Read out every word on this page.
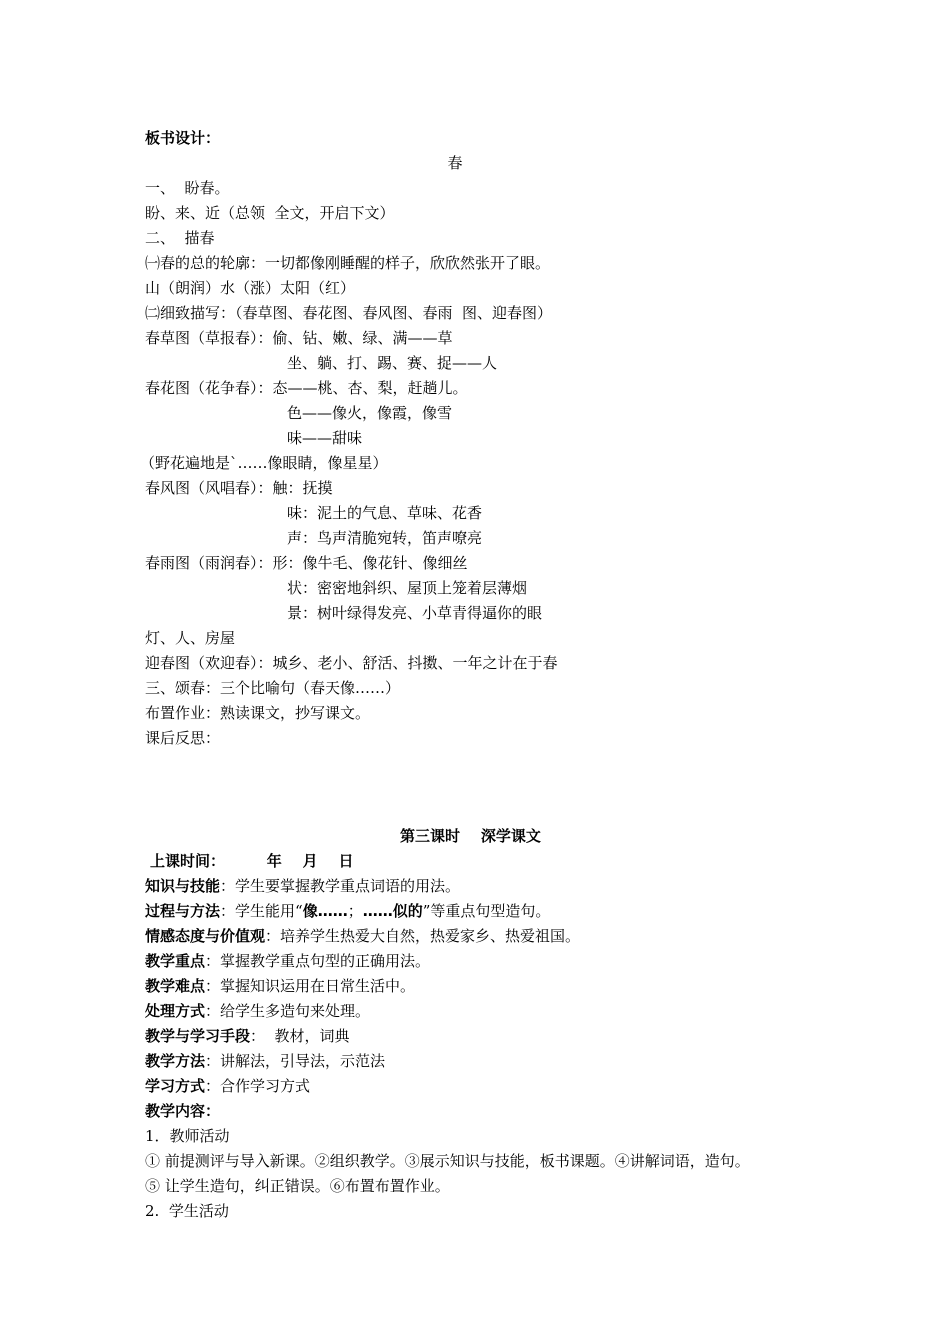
板书设计：
春
一、  盼春。
盼、来、近（总领  全文，开启下文）
二、  描春
㈠春的总的轮廓：一切都像刚睡醒的样子，欣欣然张开了眼。
山（朗润）水（涨）太阳（红）
㈡细致描写：（春草图、春花图、春风图、春雨  图、迎春图）
春草图（草报春）：偷、钻、嫩、绿、满——草
坐、躺、打、踢、赛、捉——人
春花图（花争春）：态——桃、杏、梨，赶趟儿。
色——像火，像霞，像雪
味——甜味
（野花遍地是`……像眼睛，像星星）
春风图（风唱春）：触：抚摸
味：泥土的气息、草味、花香
声：鸟声清脆宛转，笛声嘹亮
春雨图（雨润春）：形：像牛毛、像花针、像细丝
状：密密地斜织、屋顶上笼着层薄烟
景：树叶绿得发亮、小草青得逼你的眼
灯、人、房屋
迎春图（欢迎春）：城乡、老小、舒活、抖擞、一年之计在于春
三、颂春：三个比喻句（春天像……）
布置作业：熟读课文，抄写课文。
课后反思：
第三课时    深学课文
上课时间：        年    月    日
知识与技能：学生要掌握教学重点词语的用法。
过程与方法：学生能用“像……；……似的”等重点句型造句。
情感态度与价值观：培养学生热爱大自然，热爱家乡、热爱祖国。
教学重点：掌握教学重点句型的正确用法。
教学难点：掌握知识运用在日常生活中。
处理方式：给学生多造句来处理。
教学与学习手段：  教材，词典
教学方法：讲解法，引导法，示范法
学习方式：合作学习方式
教学内容：
1．教师活动
① 前提测评与导入新课。②组织教学。③展示知识与技能，板书课题。④讲解词语，造句。
⑤ 让学生造句，纠正错误。⑥布置布置作业。
2.  学生活动
